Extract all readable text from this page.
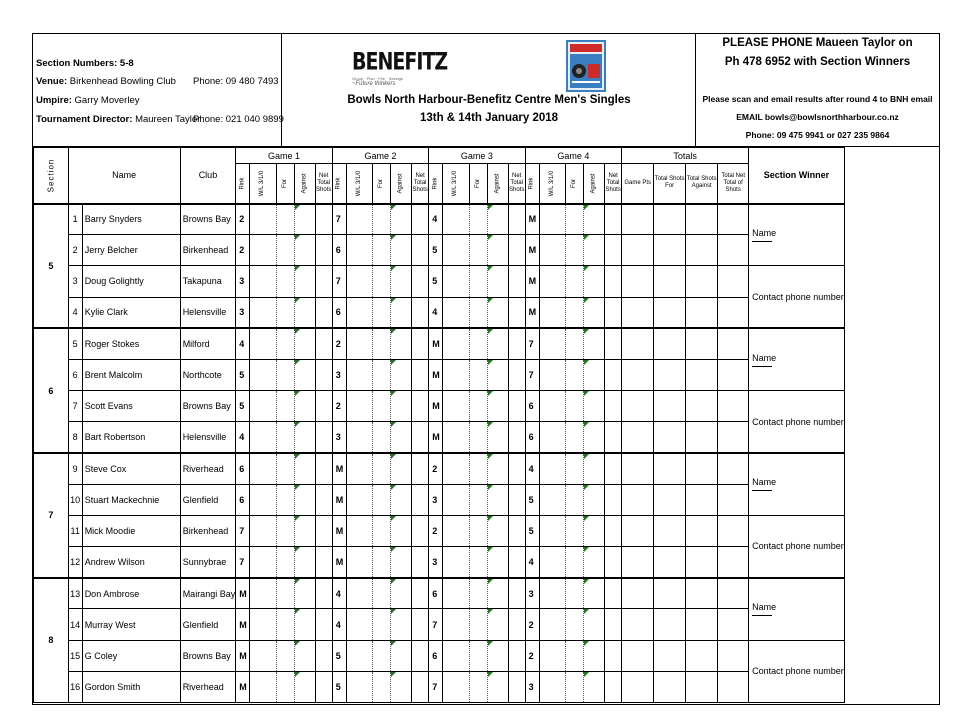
Section Numbers: 5-8
Venue: Birkenhead Bowling Club Phone: 09 480 7493
Umpire: Garry Moverley
Tournament Director: Maureen Taylor
Phone: 021 040 9899
BENEFITZ
Group · Plan · Fire · Savings
~Future thinkers
Bowls North Harbour-Benefitz Centre Men's Singles
13th & 14th January 2018
PLEASE PHONE Maueen Taylor on
Ph 478 6952 with Section Winners
Please scan and email results after round 4 to BNH email
EMAIL bowls@bowlsnorthharbour.co.nz
Phone: 09 475 9941 or 027 235 9864
Section	Name		Club	Game 1					Game 2					Game 3					Game 4					Totals				Section Winner
				Rink	W/L 3/1/0	For	Against	Net Total Shots	Rink	W/L 3/1/0	For	Against	Net Total Shots	Rink	W/L 3/1/0	For	Against	Net Total Shots	Rink	W/L 3/1/0	For	Against	Net Total Shots	Game Pts	Total Shots For	Total Shots Against	Total Net Total of Shots	
5	1	Barry Snyders	Browns Bay	2					7					4					M									Name

	2	Jerry Belcher	Birkenhead	2					6					5					M									
	3	Doug Golightly	Takapuna	3					7					5					M									Contact phone number
	4	Kylie Clark	Helensville	3					6					4					M									
6	5	Roger Stokes	Milford	4					2					M					7									Name

	6	Brent Malcolm	Northcote	5					3					M					7									
	7	Scott Evans	Browns Bay	5					2					M					6									Contact phone number
	8	Bart Robertson	Helensville	4					3					M					6									
7	9	Steve Cox	Riverhead	6					M					2					4									Name

	10	Stuart Mackechnie	Glenfield	6					M					3					5									
	11	Mick Moodie	Birkenhead	7					M					2					5									Contact phone number
	12	Andrew Wilson	Sunnybrae	7					M					3					4									
8	13	Don Ambrose	Mairangi Bay	M					4					6					3									Name

	14	Murray West	Glenfield	M					4					7					2									
	15	G Coley	Browns Bay	M					5					6					2									Contact phone number
	16	Gordon Smith	Riverhead	M					5					7					3									
